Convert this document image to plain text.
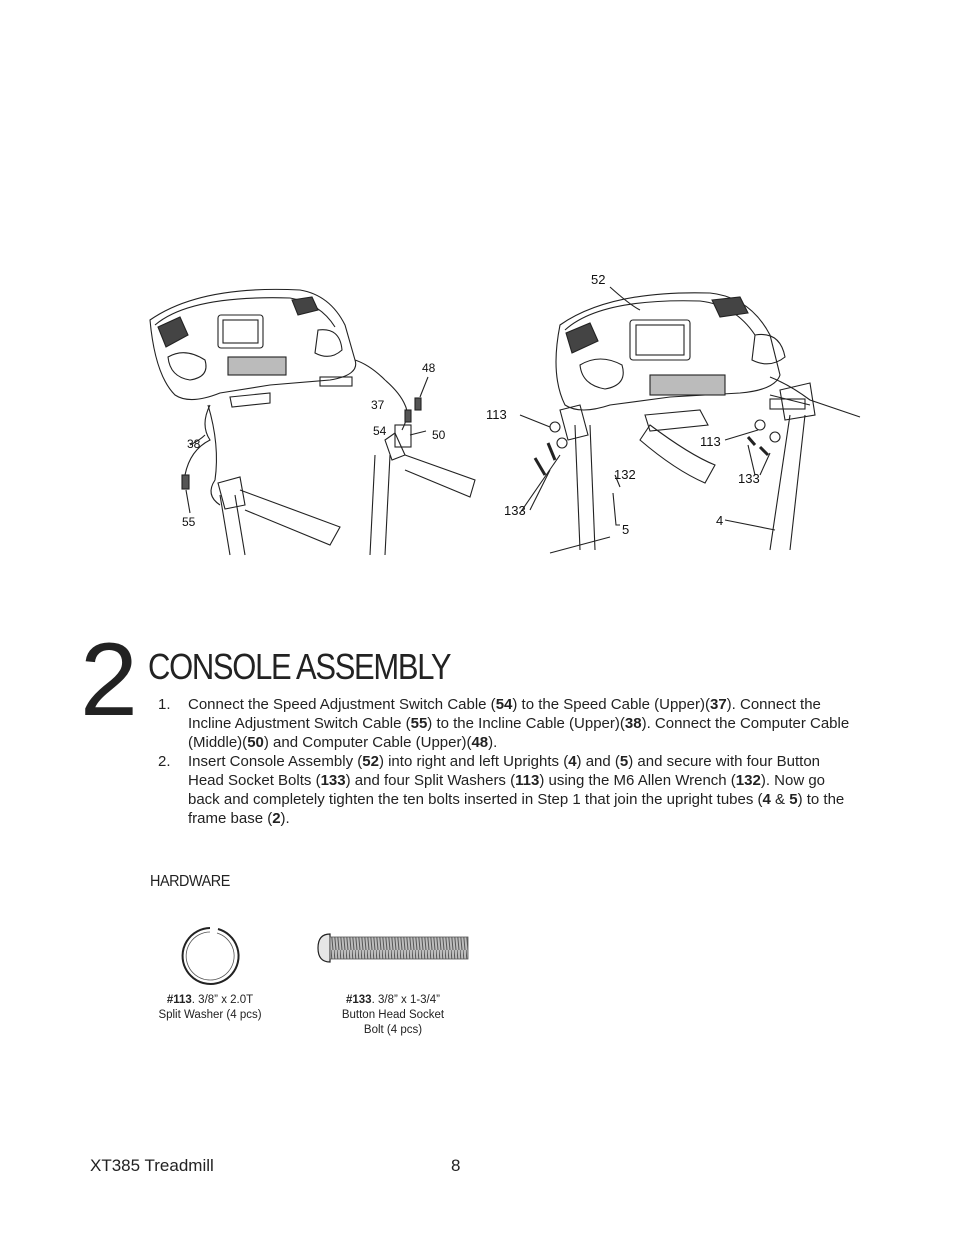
48
37
54	50
38
55
52
113
113
132	133
133
5
4
2 CONSOLE ASSEMBLY
1. Connect the Speed Adjustment Switch Cable (54) to the Speed Cable (Upper)(37). Connect the Incline Adjustment Switch Cable (55) to the Incline Cable (Upper)(38). Connect the Computer Cable (Middle)(50) and Computer Cable (Upper)(48).
2. Insert Console Assembly (52) into right and left Uprights (4) and (5) and secure with four Button Head Socket Bolts (133) and four Split Washers (113) using the M6 Allen Wrench (132). Now go back and completely tighten the ten bolts inserted in Step 1 that join the upright tubes (4 & 5) to the frame base (2).
HARDWARE
#113. 3/8” x 2.0T
Split Washer (4 pcs)
#133. 3/8” x 1-3/4”
Button Head Socket
Bolt (4 pcs)
XT385 Treadmill	8
